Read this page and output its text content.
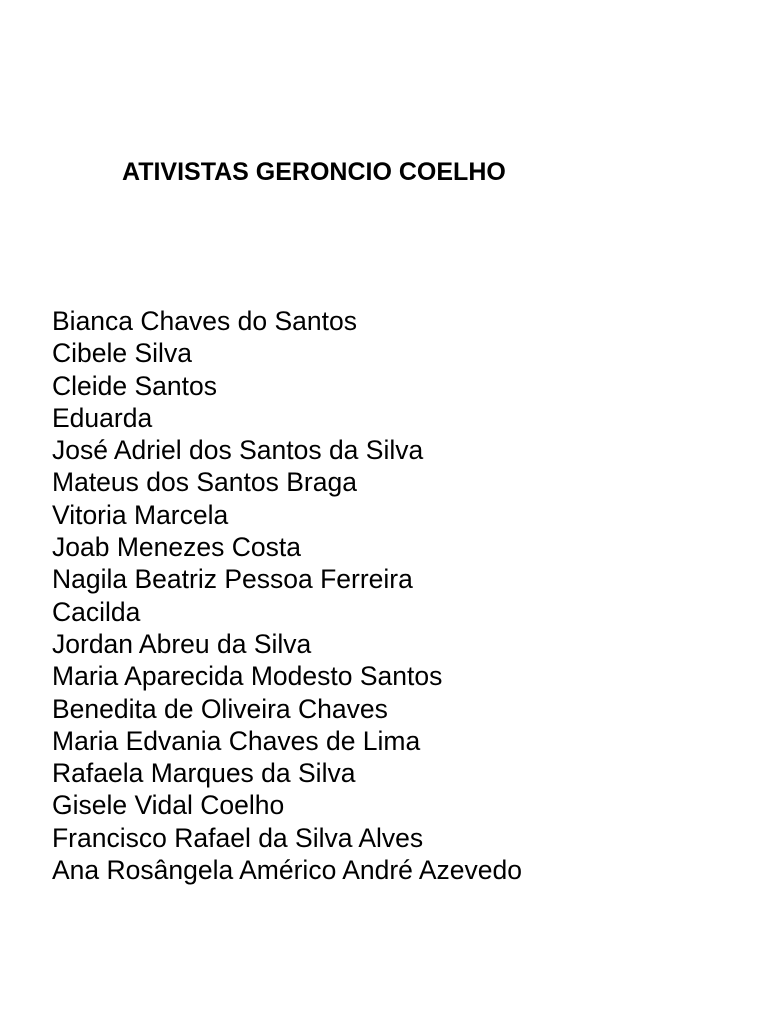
ATIVISTAS GERONCIO COELHO
Bianca Chaves do Santos
Cibele Silva
Cleide Santos
Eduarda
José Adriel dos Santos da Silva
Mateus dos Santos Braga
Vitoria Marcela
Joab Menezes Costa
Nagila Beatriz Pessoa Ferreira
Cacilda
Jordan Abreu da Silva
Maria Aparecida Modesto Santos
Benedita de Oliveira Chaves
Maria Edvania Chaves de Lima
Rafaela Marques da Silva
Gisele Vidal Coelho
Francisco Rafael da Silva Alves
Ana Rosângela Américo André Azevedo
